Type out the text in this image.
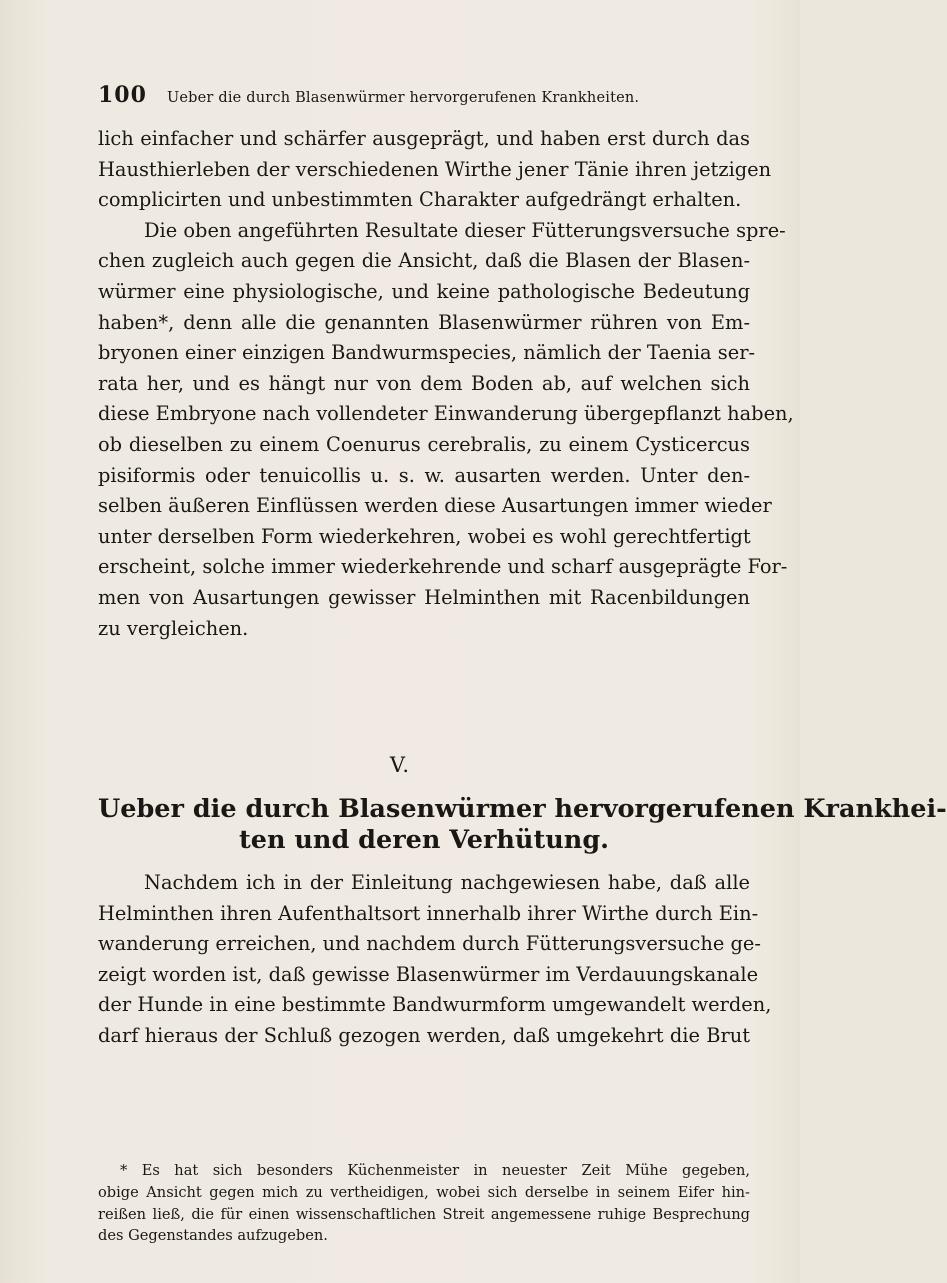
100 Ueber die durch Blasenwürmer hervorgerufenen Krankheiten.
lich einfacher und schärfer ausgeprägt, und haben erst durch das
Hausthierleben der verschiedenen Wirthe jener Tänie ihren jetzigen
complicirten und unbestimmten Charakter aufgedrängt erhalten.
Die oben angeführten Resultate dieser Fütterungsversuche spre-
chen zugleich auch gegen die Ansicht, daß die Blasen der Blasen-
würmer eine physiologische, und keine pathologische Bedeutung
haben*, denn alle die genannten Blasenwürmer rühren von Em-
bryonen einer einzigen Bandwurmspecies, nämlich der Taenia ser-
rata her, und es hängt nur von dem Boden ab, auf welchen sich
diese Embryone nach vollendeter Einwanderung übergepflanzt haben,
ob dieselben zu einem Coenurus cerebralis, zu einem Cysticercus
pisiformis oder tenuicollis u. s. w. ausarten werden. Unter den-
selben äußeren Einflüssen werden diese Ausartungen immer wieder
unter derselben Form wiederkehren, wobei es wohl gerechtfertigt
erscheint, solche immer wiederkehrende und scharf ausgeprägte For-
men von Ausartungen gewisser Helminthen mit Racenbildungen
zu vergleichen.
V.
Ueber die durch Blasenwürmer hervorgerufenen Krankhei-
ten und deren Verhütung.
Nachdem ich in der Einleitung nachgewiesen habe, daß alle
Helminthen ihren Aufenthaltsort innerhalb ihrer Wirthe durch Ein-
wanderung erreichen, und nachdem durch Fütterungsversuche ge-
zeigt worden ist, daß gewisse Blasenwürmer im Verdauungskanale
der Hunde in eine bestimmte Bandwurmform umgewandelt werden,
darf hieraus der Schluß gezogen werden, daß umgekehrt die Brut
* Es hat sich besonders Küchenmeister in neuester Zeit Mühe gegeben,
obige Ansicht gegen mich zu vertheidigen, wobei sich derselbe in seinem Eifer hin-
reißen ließ, die für einen wissenschaftlichen Streit angemessene ruhige Besprechung
des Gegenstandes aufzugeben.
